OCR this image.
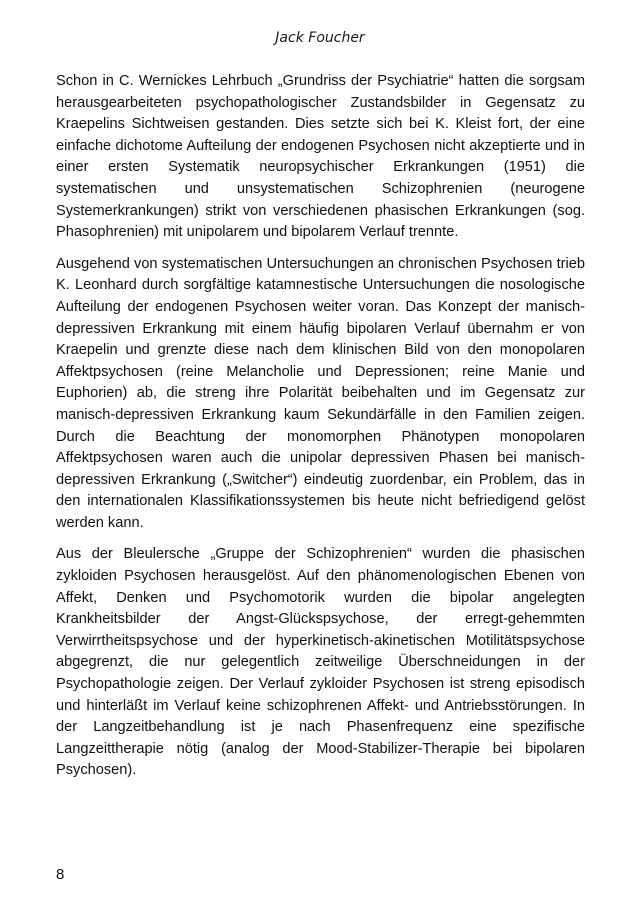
Jack Foucher

Schon in C. Wernickes Lehrbuch „Grundriss der Psychiatrie“ hatten die sorgsam herausgearbeiteten psychopathologischer Zustandsbilder in Gegensatz zu Kraepelins Sichtweisen gestanden. Dies setzte sich bei K. Kleist fort, der eine einfache dichotome Aufteilung der endogenen Psychosen nicht akzeptierte und in einer ersten Systematik neuropsychischer Erkrankungen (1951) die systematischen und unsystematischen Schizophrenien (neurogene Systemerkrankungen) strikt von verschiedenen phasischen Erkrankungen (sog. Phasophrenien) mit unipolarem und bipolarem Verlauf trennte.

Ausgehend von systematischen Untersuchungen an chronischen Psychosen trieb K. Leonhard durch sorgfältige katamnestische Untersuchungen die nosologische Aufteilung der endogenen Psychosen weiter voran. Das Konzept der manisch-depressiven Erkrankung mit einem häufig bipolaren Verlauf übernahm er von Kraepelin und grenzte diese nach dem klinischen Bild von den monopolaren Affektpsychosen (reine Melancholie und Depressionen; reine Manie und Euphorien) ab, die streng ihre Polarität beibehalten und im Gegensatz zur manisch-depressiven Erkrankung kaum Sekundärfälle in den Familien zeigen. Durch die Beachtung der monomorphen Phänotypen monopolaren Affektpsychosen waren auch die unipolar depressiven Phasen bei manisch-depressiven Erkrankung („Switcher“) eindeutig zuordenbar, ein Problem, das in den internationalen Klassifikationssystemen bis heute nicht befriedigend gelöst werden kann.

Aus der Bleulersche „Gruppe der Schizophrenien“ wurden die phasischen zykloiden Psychosen herausgelöst. Auf den phänomenologischen Ebenen von Affekt, Denken und Psychomotorik wurden die bipolar angelegten Krankheitsbilder der Angst-Glückspsychose, der erregt-gehemmten Verwirrtheitspsychose und der hyperkinetisch-akinetischen Motilitätspsychose abgegrenzt, die nur gelegentlich zeitweilige Überschneidungen in der Psychopathologie zeigen. Der Verlauf zykloider Psychosen ist streng episodisch und hinterläßt im Verlauf keine schizophrenen Affekt- und Antriebsstörungen. In der Langzeitbehandlung ist je nach Phasenfrequenz eine spezifische Langzeittherapie nötig (analog der Mood-Stabilizer-Therapie bei bipolaren Psychosen).

8
